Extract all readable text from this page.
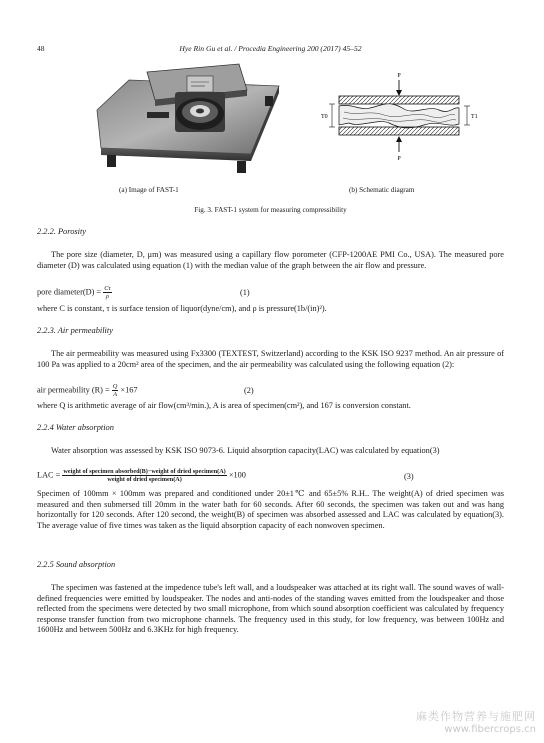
48	Hye Rin Gu et al. / Procedia Engineering 200 (2017) 45–52
P
T0	T1
P
(a) Image of FAST-1	(b) Schematic diagram
Fig. 3. FAST-1 system for measuring compressibility
2.2.2. Porosity
The pore size (diameter, D, μm) was measured using a capillary flow porometer (CFP-1200AE PMI Co., USA). The measured pore diameter (D) was calculated using equation (1) with the median value of the graph between the air flow and pressure.
pore diameter(D) = $\frac{C\tau}{\rho}$	(1)
where C is constant, τ is surface tension of liquor(dyne/cm), and ρ is pressure(1b/(in)²).
2.2.3. Air permeability
The air permeability was measured using Fx3300 (TEXTEST, Switzerland) according to the KSK ISO 9237 method. An air pressure of 100 Pa was applied to a 20cm² area of the specimen, and the air permeability was calculated using the following equation (2):
air permeability $(R) = \frac{Q}{A} \times 167$	(2)
where Q is arithmetic average of air flow(cm³/min.), A is area of specimen(cm²), and 167 is conversion constant.
2.2.4 Water absorption
Water absorption was assessed by KSK ISO 9073-6. Liquid absorption capacity(LAC) was calculated by equation(3)
LAC = $\frac{\text{weight of specimen absorbed(B)−weight of dried specimen(A)}}{\text{weight of dried specimen(A)}} \times 100$	(3)
Specimen of 100mm × 100mm was prepared and conditioned under 20±1℃ and 65±5% R.H.. The weight(A) of dried specimen was measured and then submersed till 20mm in the water bath for 60 seconds. After 60 seconds, the specimen was taken out and was hang horizontally for 120 seconds. After 120 second, the weight(B) of specimen was absorbed assessed and LAC was calculated by equation(3). The average value of five times was taken as the liquid absorption capacity of each nonwoven specimen.
2.2.5 Sound absorption
The specimen was fastened at the impedence tube's left wall, and a loudspeaker was attached at its right wall. The sound waves of wall-defined frequencies were emitted by loudspeaker. The nodes and anti-nodes of the standing waves emitted from the loudspeaker and those reflected from the specimens were detected by two small microphone, from which sound absorption coefficient was calculated by frequency response transfer function from two microphone channels. The frequency used in this study, for low frequency, was between 100Hz and 1600Hz and between 500Hz and 6.3KHz for high frequency.
麻类作物营养与施肥网
www.fibercrops.cn
